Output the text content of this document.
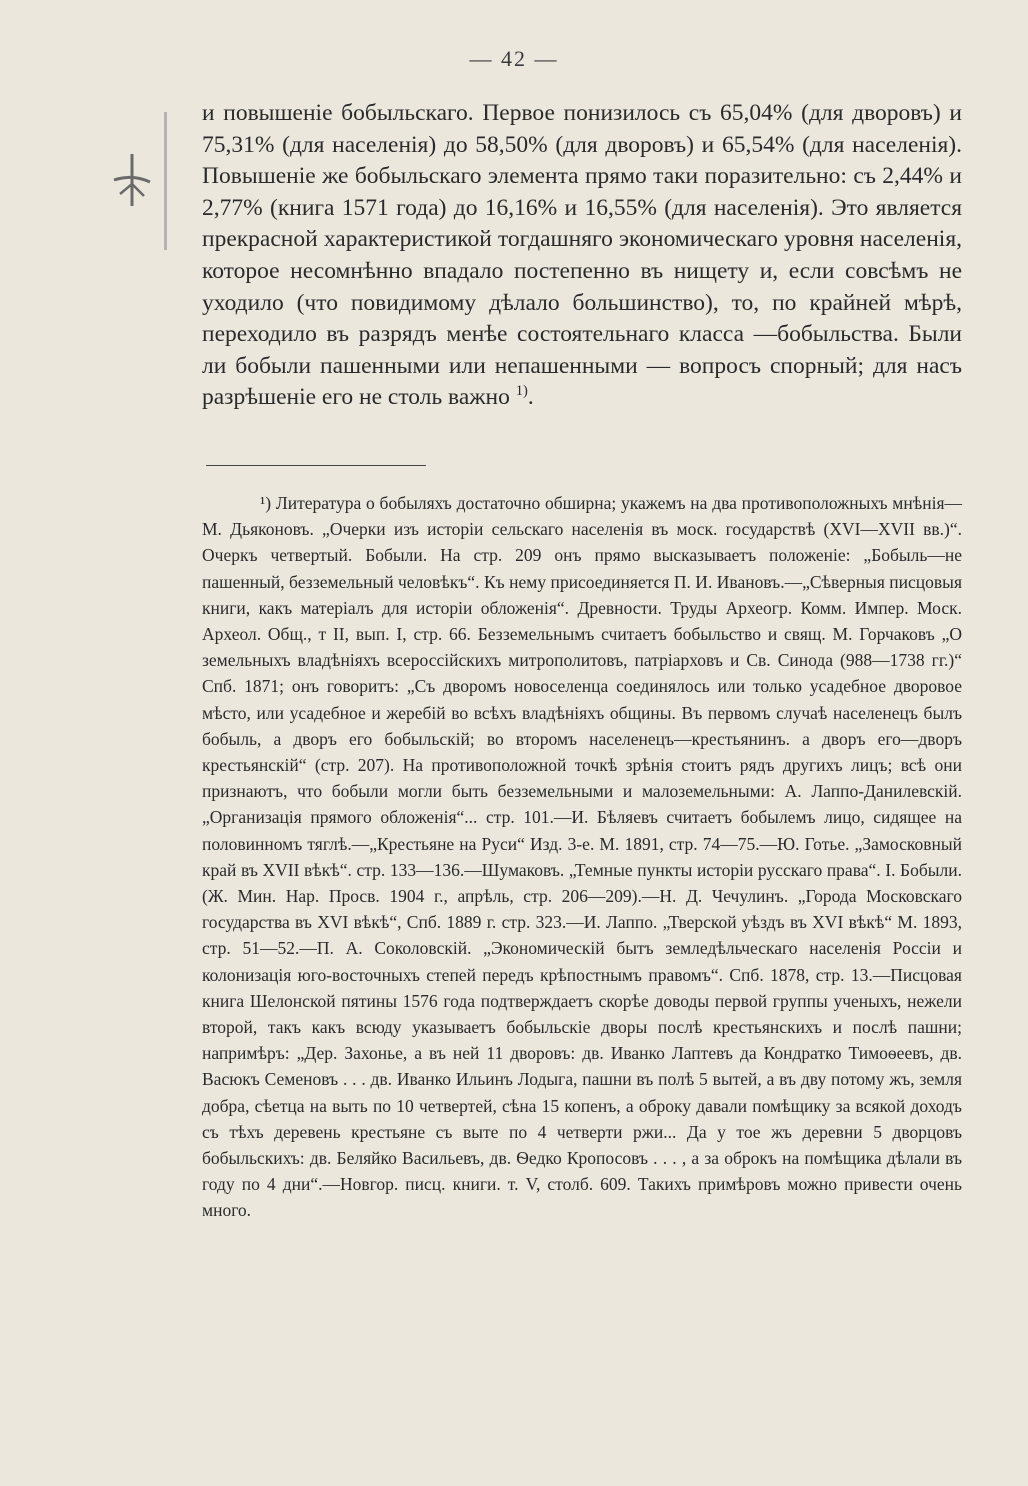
— 42 —

и повышеніе бобыльскаго. Первое понизилось съ 65,04% (для дворовъ) и 75,31% (для населенія) до 58,50% (для дворовъ) и 65,54% (для населенія). Повышеніе же бобыльскаго элемента прямо таки поразительно: съ 2,44% и 2,77% (книга 1571 года) до 16,16% и 16,55% (для населенія). Это является прекрасной характеристикой тогдашняго экономическаго уровня населенія, которое несомнѣнно впадало постепенно въ нищету и, если совсѣмъ не уходило (что повидимому дѣлало большинство), то, по крайней мѣрѣ, переходило въ разрядъ менѣе состоятельнаго класса —бобыльства. Были ли бобыли пашенными или непашенными — вопросъ спорный; для насъ разрѣшеніе его не столь важно $^{1)}$.

¹) Литература о бобыляхъ достаточно обширна; укажемъ на два противоположныхъ мнѣнія—М. Дьяконовъ. „Очерки изъ исторіи сельскаго населенія въ моск. государствѣ (XVI—XVII вв.)“. Очеркъ четвертый. Бобыли. На стр. 209 онъ прямо высказываетъ положеніе: „Бобыль—не пашенный, безземельный человѣкъ“. Къ нему присоединяется П. И. Ивановъ.—„Сѣверныя писцовыя книги, какъ матеріалъ для исторіи обложенія“. Древности. Труды Археогр. Комм. Импер. Моск. Археол. Общ., т II, вып. I, стр. 66. Безземельнымъ считаетъ бобыльство и свящ. М. Горчаковъ „О земельныхъ владѣніяхъ всероссійскихъ митрополитовъ, патріарховъ и Св. Синода (988—1738 гг.)“ Спб. 1871; онъ говоритъ: „Съ дворомъ новоселенца соединялось или только усадебное дворовое мѣсто, или усадебное и жеребій во всѣхъ владѣніяхъ общины. Въ первомъ случаѣ населенецъ былъ бобыль, а дворъ его бобыльскій; во второмъ населенецъ—крестьянинъ. а дворъ его—дворъ крестьянскій“ (стр. 207). На противоположной точкѣ зрѣнія стоитъ рядъ другихъ лицъ; всѣ они признаютъ, что бобыли могли быть безземельными и малоземельными: А. Лаппо-Данилевскій. „Организація прямого обложенія“... стр. 101.—И. Бѣляевъ считаетъ бобылемъ лицо, сидящее на половинномъ тяглѣ.—„Крестьяне на Руси“ Изд. 3-е. М. 1891, стр. 74—75.—Ю. Готье. „Замосковный край въ XVII вѣкѣ“. стр. 133—136.—Шумаковъ. „Темные пункты исторіи русскаго права“. I. Бобыли. (Ж. Мин. Нар. Просв. 1904 г., апрѣль, стр. 206—209).—Н. Д. Чечулинъ. „Города Московскаго государства въ XVI вѣкѣ“, Спб. 1889 г. стр. 323.—И. Лаппо. „Тверской уѣздъ въ XVI вѣкѣ“ М. 1893, стр. 51—52.—П. А. Соколовскій. „Экономическій бытъ земледѣльческаго населенія Россіи и колонизація юго-восточныхъ степей передъ крѣпостнымъ правомъ“. Спб. 1878, стр. 13.—Писцовая книга Шелонской пятины 1576 года подтверждаетъ скорѣе доводы первой группы ученыхъ, нежели второй, такъ какъ всюду указываетъ бобыльскіе дворы послѣ крестьянскихъ и послѣ пашни; напримѣръ: „Дер. Захонье, а въ ней 11 дворовъ: дв. Иванко Лаптевъ да Кондратко Тимоѳеевъ, дв. Васюкъ Семеновъ . . . дв. Иванко Ильинъ Лодыга, пашни въ полѣ 5 вытей, а въ дву потому жъ, земля добра, сѣетца на выть по 10 четвертей, сѣна 15 копенъ, а оброку давали помѣщику за всякой доходъ съ тѣхъ деревень крестьяне съ выте по 4 четверти ржи... Да у тое жъ деревни 5 дворцовъ бобыльскихъ: дв. Беляйко Васильевъ, дв. Ѳедко Кропосовъ . . . , а за оброкъ на помѣщика дѣлали въ году по 4 дни“.—Новгор. писц. книги. т. V, столб. 609. Такихъ примѣровъ можно привести очень много.
